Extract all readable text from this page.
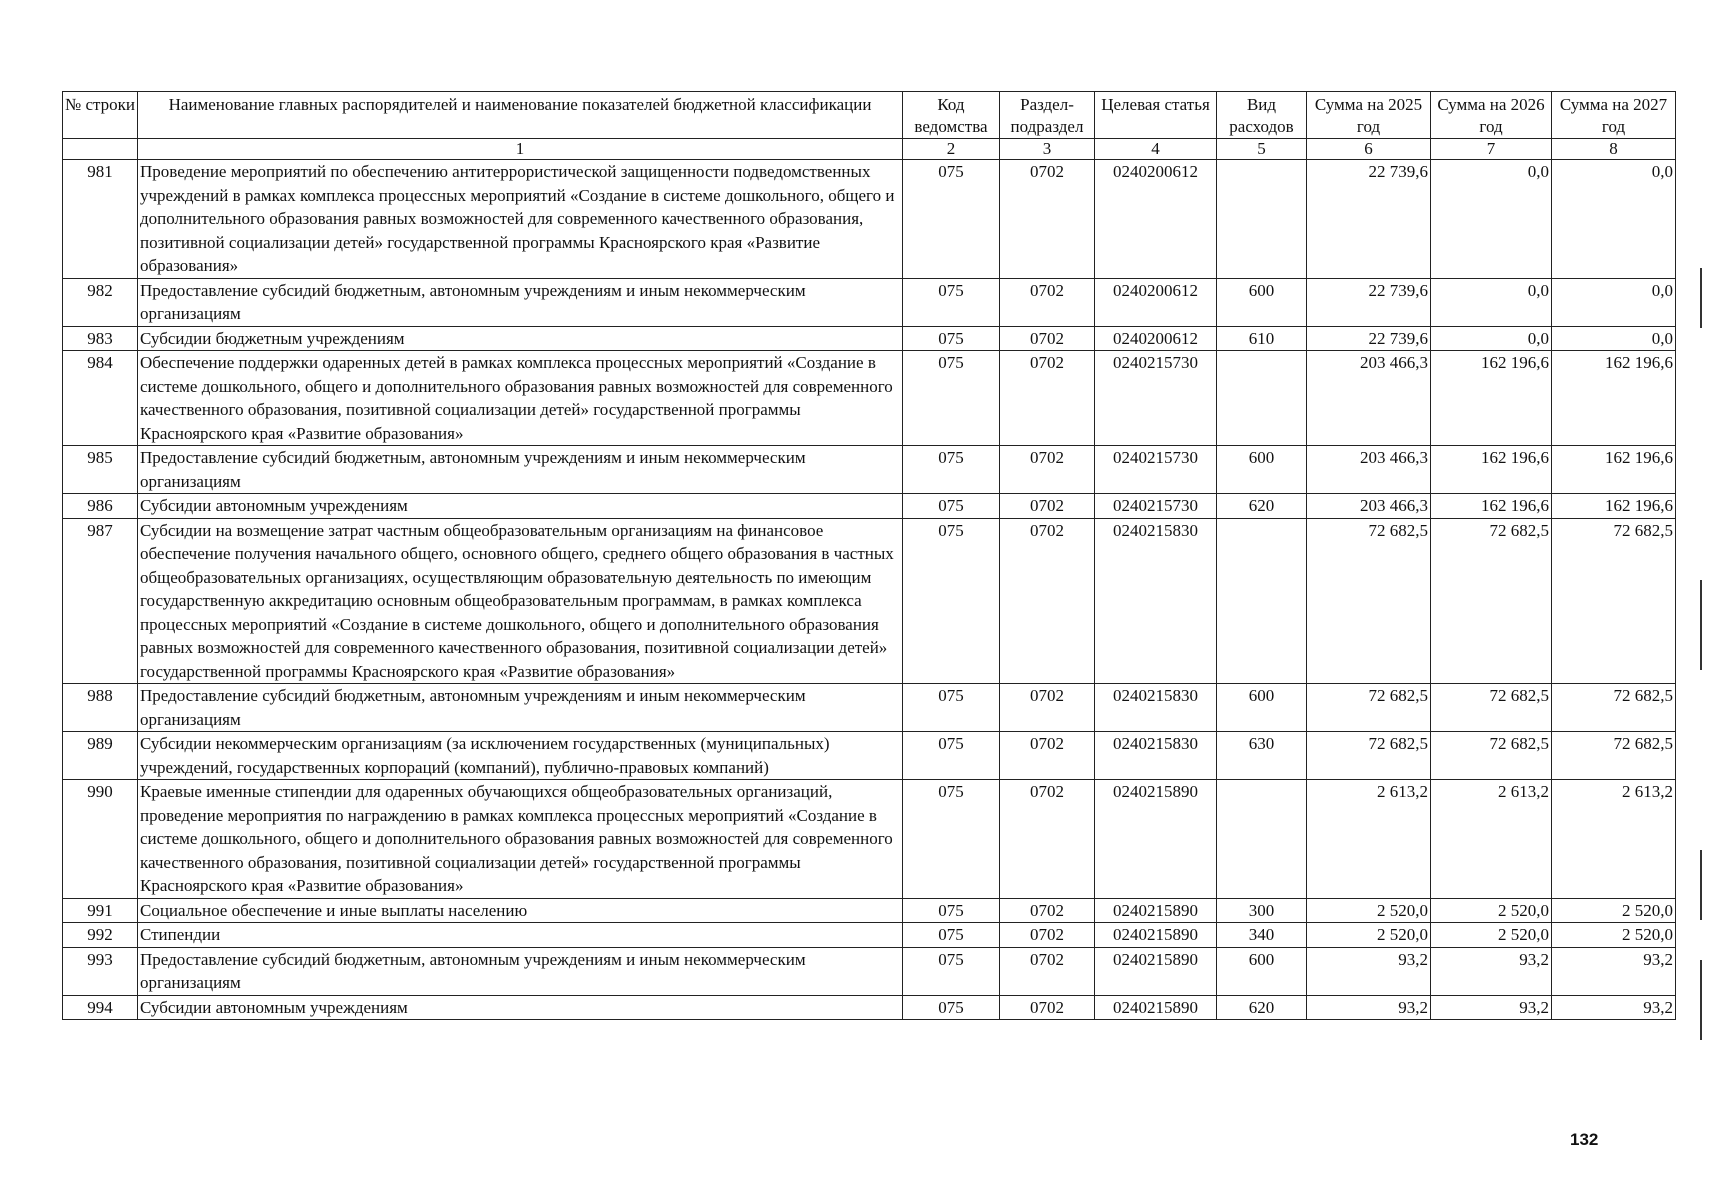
№ строки	Наименование главных распорядителей и наименование показателей бюджетной классификации	Код ведомства	Раздел-подраздел	Целевая статья	Вид расходов	Сумма на 2025 год	Сумма на 2026 год	Сумма на 2027 год
	1	2	3	4	5	6	7	8
981	Проведение мероприятий по обеспечению антитеррористической защищенности подведомственных учреждений в рамках комплекса процессных мероприятий «Создание в системе дошкольного, общего и дополнительного образования равных возможностей для современного качественного образования, позитивной социализации детей» государственной программы Красноярского края «Развитие образования»	075	0702	0240200612		22 739,6	0,0	0,0
982	Предоставление субсидий бюджетным, автономным учреждениям и иным некоммерческим организациям	075	0702	0240200612	600	22 739,6	0,0	0,0
983	Субсидии бюджетным учреждениям	075	0702	0240200612	610	22 739,6	0,0	0,0
984	Обеспечение поддержки одаренных детей в рамках комплекса процессных мероприятий «Создание в системе дошкольного, общего и дополнительного образования равных возможностей для современного качественного образования, позитивной социализации детей» государственной программы Красноярского края «Развитие образования»	075	0702	0240215730		203 466,3	162 196,6	162 196,6
985	Предоставление субсидий бюджетным, автономным учреждениям и иным некоммерческим организациям	075	0702	0240215730	600	203 466,3	162 196,6	162 196,6
986	Субсидии автономным учреждениям	075	0702	0240215730	620	203 466,3	162 196,6	162 196,6
987	Субсидии на возмещение затрат частным общеобразовательным организациям на финансовое обеспечение получения начального общего, основного общего, среднего общего образования в частных общеобразовательных организациях, осуществляющим образовательную деятельность по имеющим государственную аккредитацию основным общеобразовательным программам, в рамках комплекса процессных мероприятий «Создание в системе дошкольного, общего и дополнительного образования равных возможностей для современного качественного образования, позитивной социализации детей» государственной программы Красноярского края «Развитие образования»	075	0702	0240215830		72 682,5	72 682,5	72 682,5
988	Предоставление субсидий бюджетным, автономным учреждениям и иным некоммерческим организациям	075	0702	0240215830	600	72 682,5	72 682,5	72 682,5
989	Субсидии некоммерческим организациям (за исключением государственных (муниципальных) учреждений, государственных корпораций (компаний), публично-правовых компаний)	075	0702	0240215830	630	72 682,5	72 682,5	72 682,5
990	Краевые именные стипендии для одаренных обучающихся общеобразовательных организаций, проведение мероприятия по награждению в рамках комплекса процессных мероприятий «Создание в системе дошкольного, общего и дополнительного образования равных возможностей для современного качественного образования, позитивной социализации детей» государственной программы Красноярского края «Развитие образования»	075	0702	0240215890		2 613,2	2 613,2	2 613,2
991	Социальное обеспечение и иные выплаты населению	075	0702	0240215890	300	2 520,0	2 520,0	2 520,0
992	Стипендии	075	0702	0240215890	340	2 520,0	2 520,0	2 520,0
993	Предоставление субсидий бюджетным, автономным учреждениям и иным некоммерческим организациям	075	0702	0240215890	600	93,2	93,2	93,2
994	Субсидии автономным учреждениям	075	0702	0240215890	620	93,2	93,2	93,2
132
